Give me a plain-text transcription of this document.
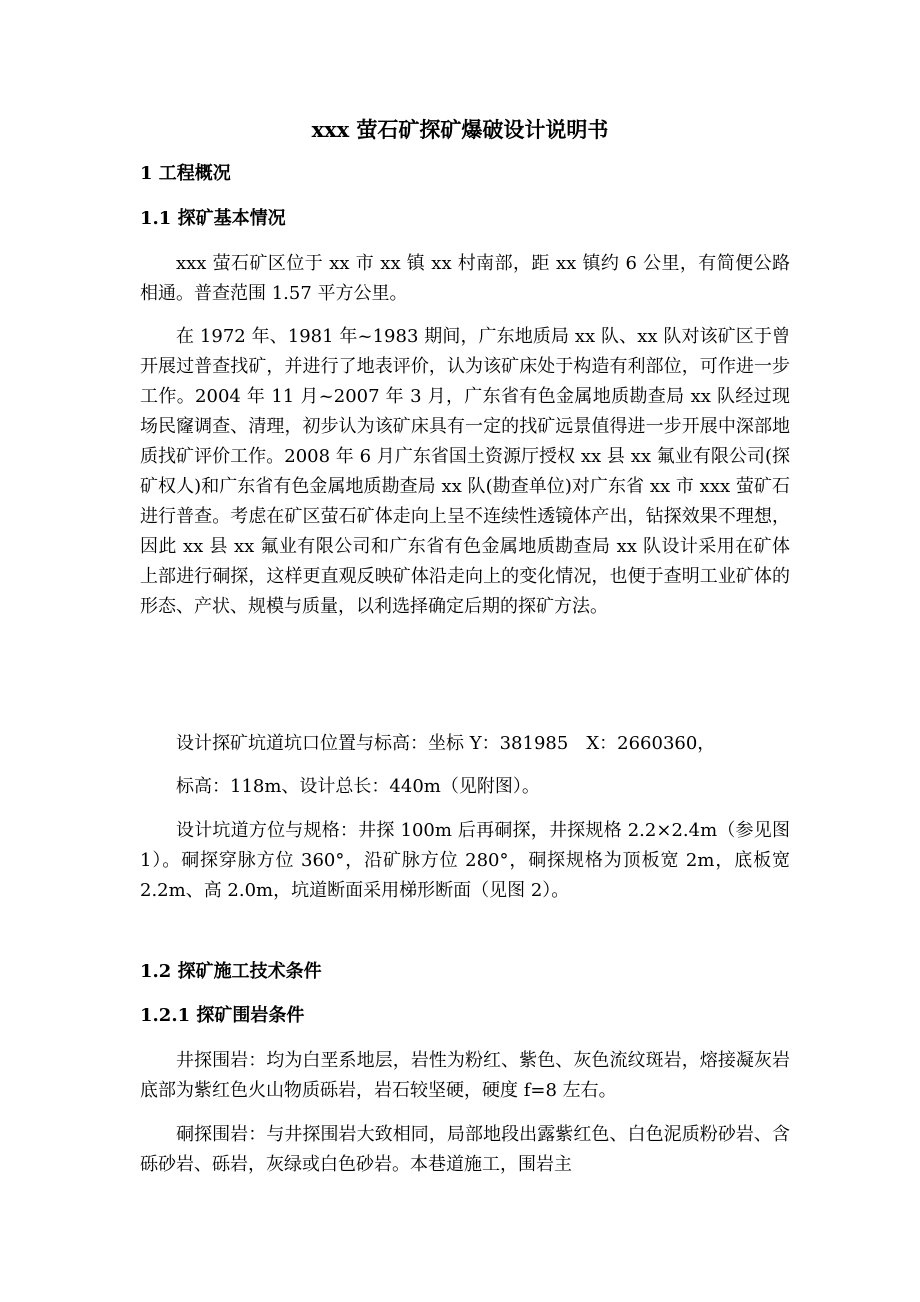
xxx 萤石矿探矿爆破设计说明书
1 工程概况
1.1 探矿基本情况

xxx 萤石矿区位于 xx 市 xx 镇 xx 村南部，距 xx 镇约 6 公里，有简便公路相通。普查范围 1.57 平方公里。

在 1972 年、1981 年~1983 期间，广东地质局 xx 队、xx 队对该矿区于曾开展过普查找矿，并进行了地表评价，认为该矿床处于构造有利部位，可作进一步工作。2004 年 11 月~2007 年 3 月，广东省有色金属地质勘查局 xx 队经过现场民窿调查、清理，初步认为该矿床具有一定的找矿远景值得进一步开展中深部地质找矿评价工作。2008 年 6 月广东省国土资源厅授权 xx 县 xx 氟业有限公司(探矿权人)和广东省有色金属地质勘查局 xx 队(勘查单位)对广东省 xx 市 xxx 萤矿石进行普查。考虑在矿区萤石矿体走向上呈不连续性透镜体产出，钻探效果不理想，因此 xx 县 xx 氟业有限公司和广东省有色金属地质勘查局 xx 队设计采用在矿体上部进行硐探，这样更直观反映矿体沿走向上的变化情况，也便于查明工业矿体的形态、产状、规模与质量，以利选择确定后期的探矿方法。

设计探矿坑道坑口位置与标高：坐标 Y：381985　X：2660360，

标高：118m、设计总长：440m（见附图）。

设计坑道方位与规格：井探 100m 后再硐探，井探规格 2.2×2.4m（参见图 1）。硐探穿脉方位 360°，沿矿脉方位 280°，硐探规格为顶板宽 2m，底板宽 2.2m、高 2.0m，坑道断面采用梯形断面（见图 2）。

1.2 探矿施工技术条件
1.2.1 探矿围岩条件

井探围岩：均为白垩系地层，岩性为粉红、紫色、灰色流纹斑岩，熔接凝灰岩底部为紫红色火山物质砾岩，岩石较坚硬，硬度 f=8 左右。

硐探围岩：与井探围岩大致相同，局部地段出露紫红色、白色泥质粉砂岩、含砾砂岩、砾岩，灰绿或白色砂岩。本巷道施工，围岩主
